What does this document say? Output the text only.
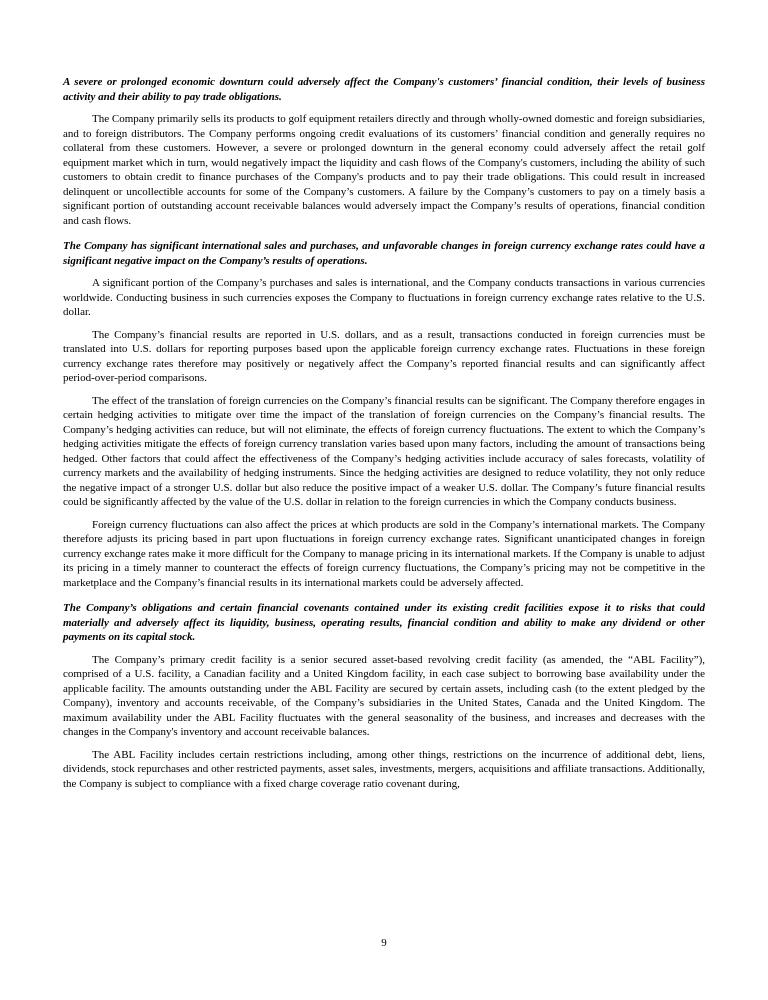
A severe or prolonged economic downturn could adversely affect the Company's customers’ financial condition, their levels of business activity and their ability to pay trade obligations.

The Company primarily sells its products to golf equipment retailers directly and through wholly-owned domestic and foreign subsidiaries, and to foreign distributors. The Company performs ongoing credit evaluations of its customers’ financial condition and generally requires no collateral from these customers. However, a severe or prolonged downturn in the general economy could adversely affect the retail golf equipment market which in turn, would negatively impact the liquidity and cash flows of the Company's customers, including the ability of such customers to obtain credit to finance purchases of the Company's products and to pay their trade obligations. This could result in increased delinquent or uncollectible accounts for some of the Company’s customers. A failure by the Company’s customers to pay on a timely basis a significant portion of outstanding account receivable balances would adversely impact the Company’s results of operations, financial condition and cash flows.

The Company has significant international sales and purchases, and unfavorable changes in foreign currency exchange rates could have a significant negative impact on the Company’s results of operations.

A significant portion of the Company’s purchases and sales is international, and the Company conducts transactions in various currencies worldwide. Conducting business in such currencies exposes the Company to fluctuations in foreign currency exchange rates relative to the U.S. dollar.

The Company’s financial results are reported in U.S. dollars, and as a result, transactions conducted in foreign currencies must be translated into U.S. dollars for reporting purposes based upon the applicable foreign currency exchange rates. Fluctuations in these foreign currency exchange rates therefore may positively or negatively affect the Company’s reported financial results and can significantly affect period-over-period comparisons.

The effect of the translation of foreign currencies on the Company’s financial results can be significant. The Company therefore engages in certain hedging activities to mitigate over time the impact of the translation of foreign currencies on the Company’s financial results. The Company’s hedging activities can reduce, but will not eliminate, the effects of foreign currency fluctuations. The extent to which the Company’s hedging activities mitigate the effects of foreign currency translation varies based upon many factors, including the amount of transactions being hedged. Other factors that could affect the effectiveness of the Company’s hedging activities include accuracy of sales forecasts, volatility of currency markets and the availability of hedging instruments. Since the hedging activities are designed to reduce volatility, they not only reduce the negative impact of a stronger U.S. dollar but also reduce the positive impact of a weaker U.S. dollar. The Company’s future financial results could be significantly affected by the value of the U.S. dollar in relation to the foreign currencies in which the Company conducts business.

Foreign currency fluctuations can also affect the prices at which products are sold in the Company’s international markets. The Company therefore adjusts its pricing based in part upon fluctuations in foreign currency exchange rates. Significant unanticipated changes in foreign currency exchange rates make it more difficult for the Company to manage pricing in its international markets. If the Company is unable to adjust its pricing in a timely manner to counteract the effects of foreign currency fluctuations, the Company’s pricing may not be competitive in the marketplace and the Company’s financial results in its international markets could be adversely affected.

The Company’s obligations and certain financial covenants contained under its existing credit facilities expose it to risks that could materially and adversely affect its liquidity, business, operating results, financial condition and ability to make any dividend or other payments on its capital stock.

The Company’s primary credit facility is a senior secured asset-based revolving credit facility (as amended, the “ABL Facility”), comprised of a U.S. facility, a Canadian facility and a United Kingdom facility, in each case subject to borrowing base availability under the applicable facility. The amounts outstanding under the ABL Facility are secured by certain assets, including cash (to the extent pledged by the Company), inventory and accounts receivable, of the Company’s subsidiaries in the United States, Canada and the United Kingdom. The maximum availability under the ABL Facility fluctuates with the general seasonality of the business, and increases and decreases with the changes in the Company's inventory and account receivable balances.

The ABL Facility includes certain restrictions including, among other things, restrictions on the incurrence of additional debt, liens, dividends, stock repurchases and other restricted payments, asset sales, investments, mergers, acquisitions and affiliate transactions. Additionally, the Company is subject to compliance with a fixed charge coverage ratio covenant during,

9
